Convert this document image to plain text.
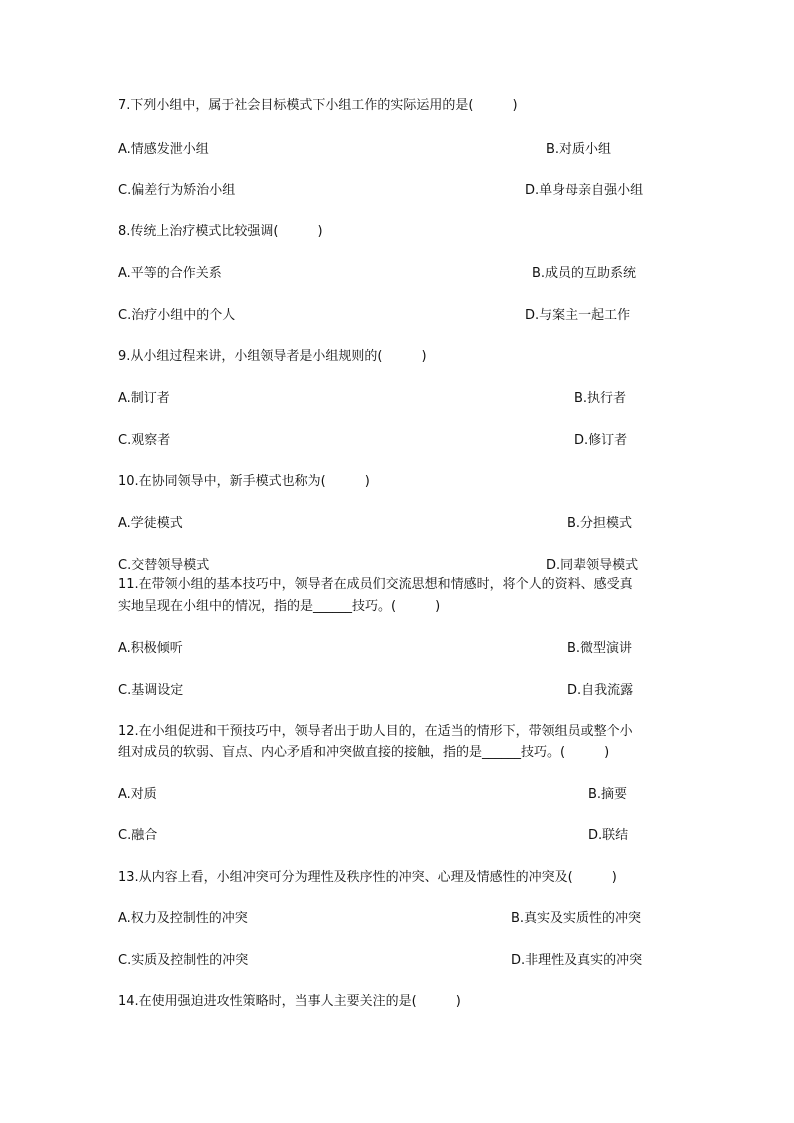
7.下列小组中，属于社会目标模式下小组工作的实际运用的是(　　　)
A.情感发泄小组	B.对质小组
C.偏差行为矫治小组	D.单身母亲自强小组
8.传统上治疗模式比较强调(　　　)
A.平等的合作关系	B.成员的互助系统
C.治疗小组中的个人	D.与案主一起工作
9.从小组过程来讲，小组领导者是小组规则的(　　　)
A.制订者	B.执行者
C.观察者	D.修订者
10.在协同领导中，新手模式也称为(　　　)
A.学徒模式	B.分担模式
C.交替领导模式	D.同辈领导模式
11.在带领小组的基本技巧中，领导者在成员们交流思想和情感时，将个人的资料、感受真
实地呈现在小组中的情况，指的是______技巧。(　　　)
A.积极倾听	B.微型演讲
C.基调设定	D.自我流露
12.在小组促进和干预技巧中，领导者出于助人目的，在适当的情形下，带领组员或整个小
组对成员的软弱、盲点、内心矛盾和冲突做直接的接触，指的是______技巧。(　　　)
A.对质	B.摘要
C.融合	D.联结
13.从内容上看，小组冲突可分为理性及秩序性的冲突、心理及情感性的冲突及(　　　)
A.权力及控制性的冲突	B.真实及实质性的冲突
C.实质及控制性的冲突	D.非理性及真实的冲突
14.在使用强迫进攻性策略时，当事人主要关注的是(　　　)
